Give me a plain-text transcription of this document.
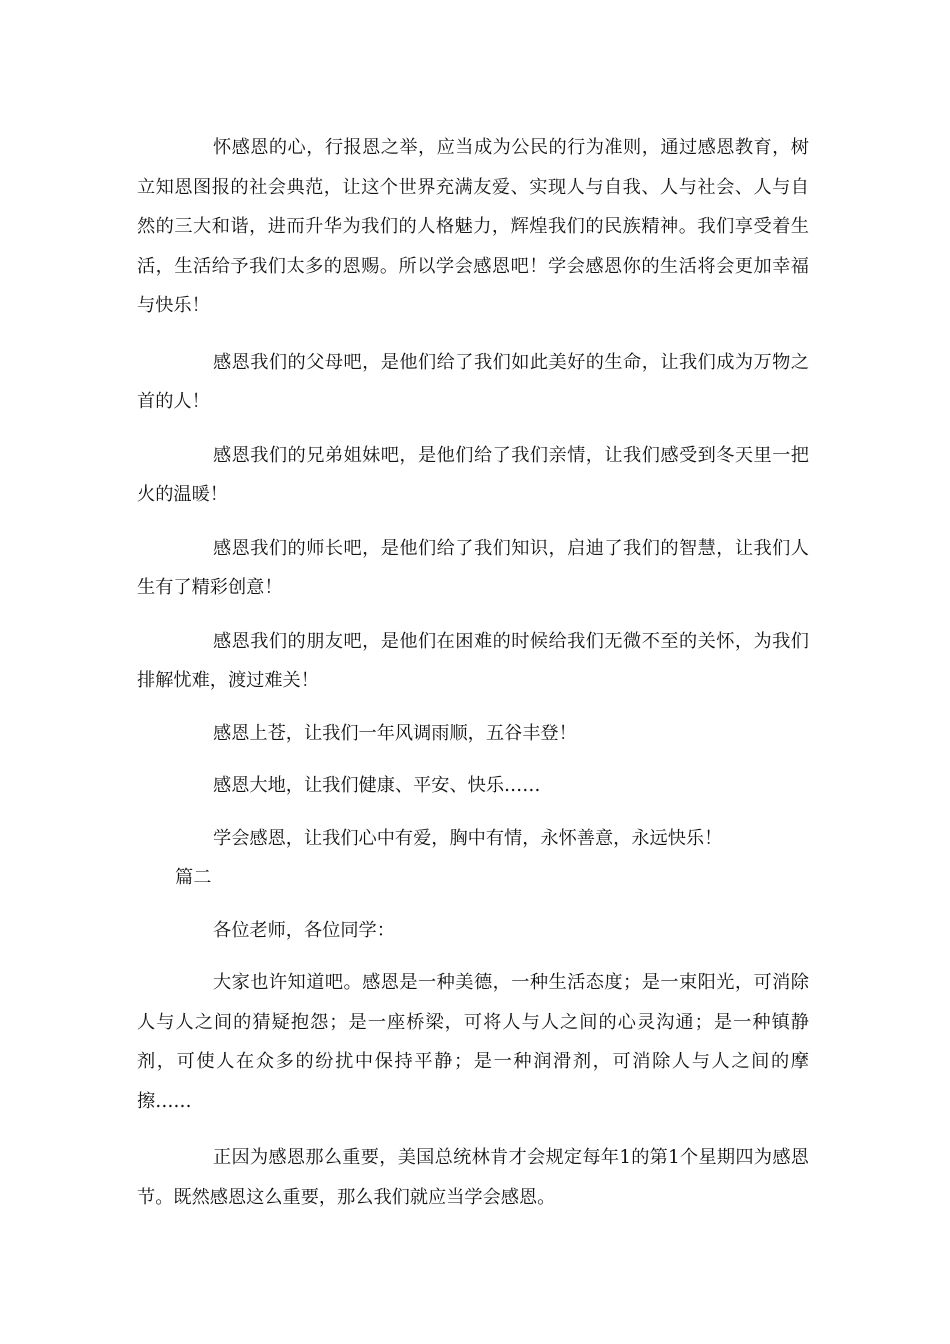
怀感恩的心，行报恩之举，应当成为公民的行为准则，通过感恩教育，树立知恩图报的社会典范，让这个世界充满友爱、实现人与自我、人与社会、人与自然的三大和谐，进而升华为我们的人格魅力，辉煌我们的民族精神。我们享受着生活，生活给予我们太多的恩赐。所以学会感恩吧！学会感恩你的生活将会更加幸福与快乐！

感恩我们的父母吧，是他们给了我们如此美好的生命，让我们成为万物之首的人！

感恩我们的兄弟姐妹吧，是他们给了我们亲情，让我们感受到冬天里一把火的温暖！

感恩我们的师长吧，是他们给了我们知识，启迪了我们的智慧，让我们人生有了精彩创意！

感恩我们的朋友吧，是他们在困难的时候给我们无微不至的关怀，为我们排解忧难，渡过难关！

感恩上苍，让我们一年风调雨顺，五谷丰登！

感恩大地，让我们健康、平安、快乐……

学会感恩，让我们心中有爱，胸中有情，永怀善意，永远快乐！

篇二

各位老师，各位同学：

大家也许知道吧。感恩是一种美德，一种生活态度；是一束阳光，可消除人与人之间的猜疑抱怨；是一座桥梁，可将人与人之间的心灵沟通；是一种镇静剂，可使人在众多的纷扰中保持平静；是一种润滑剂，可消除人与人之间的摩擦……

正因为感恩那么重要，美国总统林肯才会规定每年1的第1个星期四为感恩节。既然感恩这么重要，那么我们就应当学会感恩。
